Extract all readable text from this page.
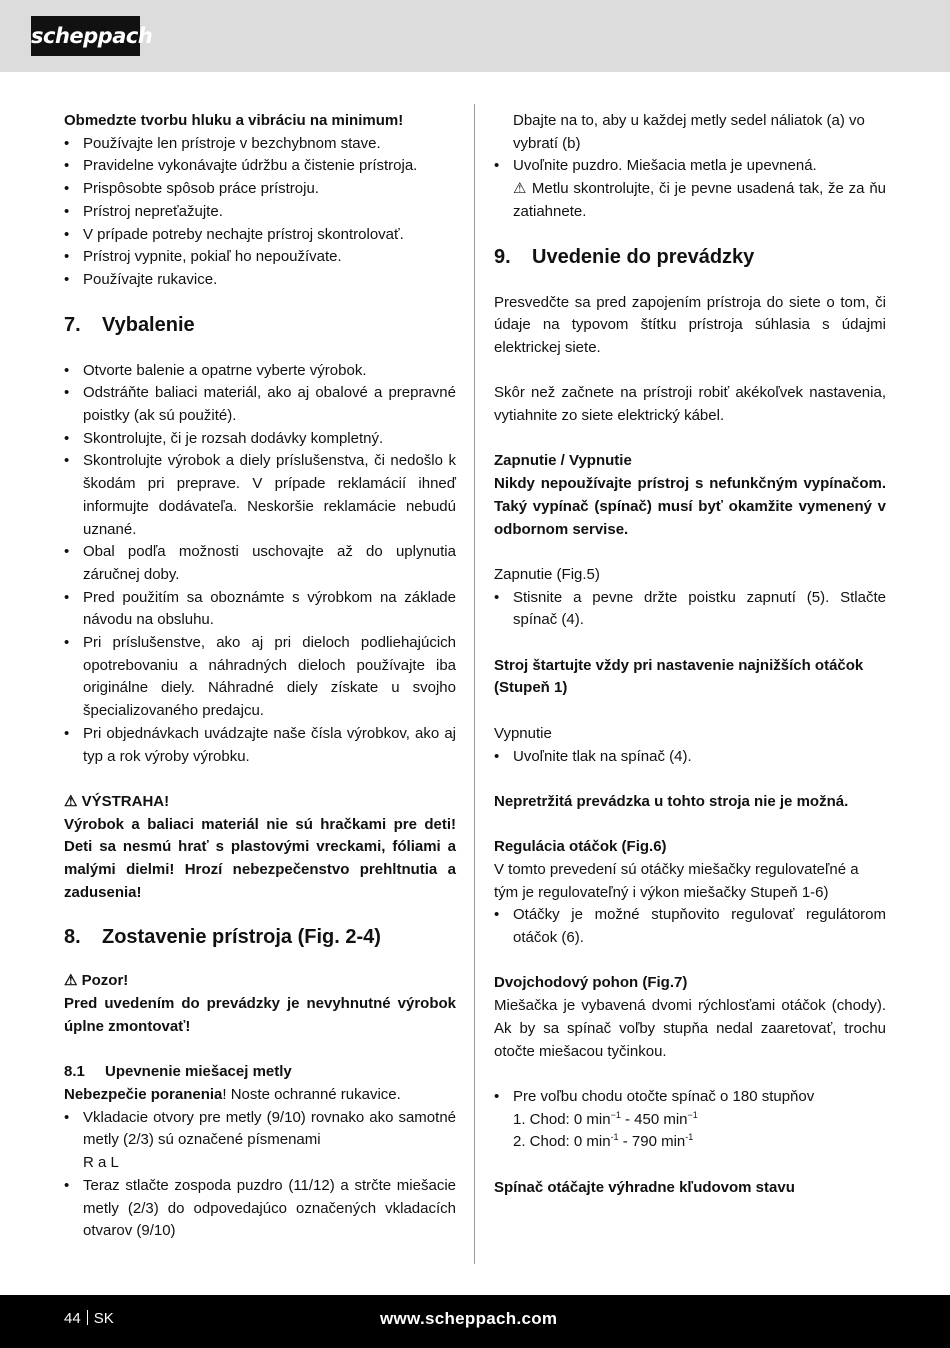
scheppach

Obmedzte tvorbu hluku a vibráciu na minimum!

• Používajte len prístroje v bezchybnom stave.
• Pravidelne vykonávajte údržbu a čistenie prístroja.
• Prispôsobte spôsob práce prístroju.
• Prístroj nepreťažujte.
• V prípade potreby nechajte prístroj skontrolovať.
• Prístroj vypnite, pokiaľ ho nepoužívate.
• Používajte rukavice.

7. Vybalenie

• Otvorte balenie a opatrne vyberte výrobok.
• Odstráňte baliaci materiál, ako aj obalové a prepravné poistky (ak sú použité).
• Skontrolujte, či je rozsah dodávky kompletný.
• Skontrolujte výrobok a diely príslušenstva, či nedošlo k škodám pri preprave. V prípade reklamácií ihneď informujte dodávateľa. Neskoršie reklamácie nebudú uznané.
• Obal podľa možnosti uschovajte až do uplynutia záručnej doby.
• Pred použitím sa oboznámte s výrobkom na základe návodu na obsluhu.
• Pri príslušenstve, ako aj pri dieloch podliehajúcich opotrebovaniu a náhradných dieloch používajte iba originálne diely. Náhradné diely získate u svojho špecializovaného predajcu.
• Pri objednávkach uvádzajte naše čísla výrobkov, ako aj typ a rok výroby výrobku.

⚠ VÝSTRAHA!

Výrobok a baliaci materiál nie sú hračkami pre deti! Deti sa nesmú hrať s plastovými vreckami, fóliami a malými dielmi! Hrozí nebezpečenstvo prehltnutia a zadusenia!

8. Zostavenie prístroja (Fig. 2-4)

⚠ Pozor!

Pred uvedením do prevádzky je nevyhnutné výrobok úplne zmontovať!

8.1 Upevnenie miešacej metly

Nebezpečie poranenia! Noste ochranné rukavice.

• Vkladacie otvory pre metly (9/10) rovnako ako samotné metly (2/3) sú označené písmenami
R a L
• Teraz stlačte zospoda puzdro (11/12) a strčte miešacie metly (2/3) do odpovedajúco označených vkladacích otvarov (9/10)

Dbajte na to, aby u každej metly sedel náliatok (a) vo vybratí (b)

• Uvoľnite puzdro. Miešacia metla je upevnená.
⚠ Metlu skontrolujte, či je pevne usadená tak, že za ňu zatiahnete.

9. Uvedenie do prevádzky

Presvedčte sa pred zapojením prístroja do siete o tom, či údaje na typovom štítku prístroja súhlasia s údajmi elektrickej siete.

Skôr než začnete na prístroji robiť akékoľvek nastavenia, vytiahnite zo siete elektrický kábel.

Zapnutie / Vypnutie

Nikdy nepoužívajte prístroj s nefunkčným vypínačom. Taký vypínač (spínač) musí byť okamžite vymenený v odbornom servise.

Zapnutie (Fig.5)

• Stisnite a pevne držte poistku zapnutí (5). Stlačte spínač (4).

Stroj štartujte vždy pri nastavenie najnižších otáčok (Stupeň 1)

Vypnutie

• Uvoľnite tlak na spínač (4).

Nepretržitá prevádzka u tohto stroja nie je možná.

Regulácia otáčok (Fig.6)

V tomto prevedení sú otáčky miešačky regulovateľné a tým je regulovateľný i výkon miešačky Stupeň 1-6)

• Otáčky je možné stupňovito regulovať regulátorom otáčok (6).

Dvojchodový pohon (Fig.7)

Miešačka je vybavená dvomi rýchlosťami otáčok (chody). Ak by sa spínač voľby stupňa nedal zaaretovať, trochu otočte miešacou tyčinkou.

• Pre voľbu chodu otočte spínač o 180 stupňov
1. Chod: 0 $\min^{-1} - 450$ $\min^{-1}$
2. Chod: 0 $\min^{-1} - 790$ $\min^{-1}$

Spínač otáčajte výhradne kľudovom stavu

44 SK	www.scheppach.com
